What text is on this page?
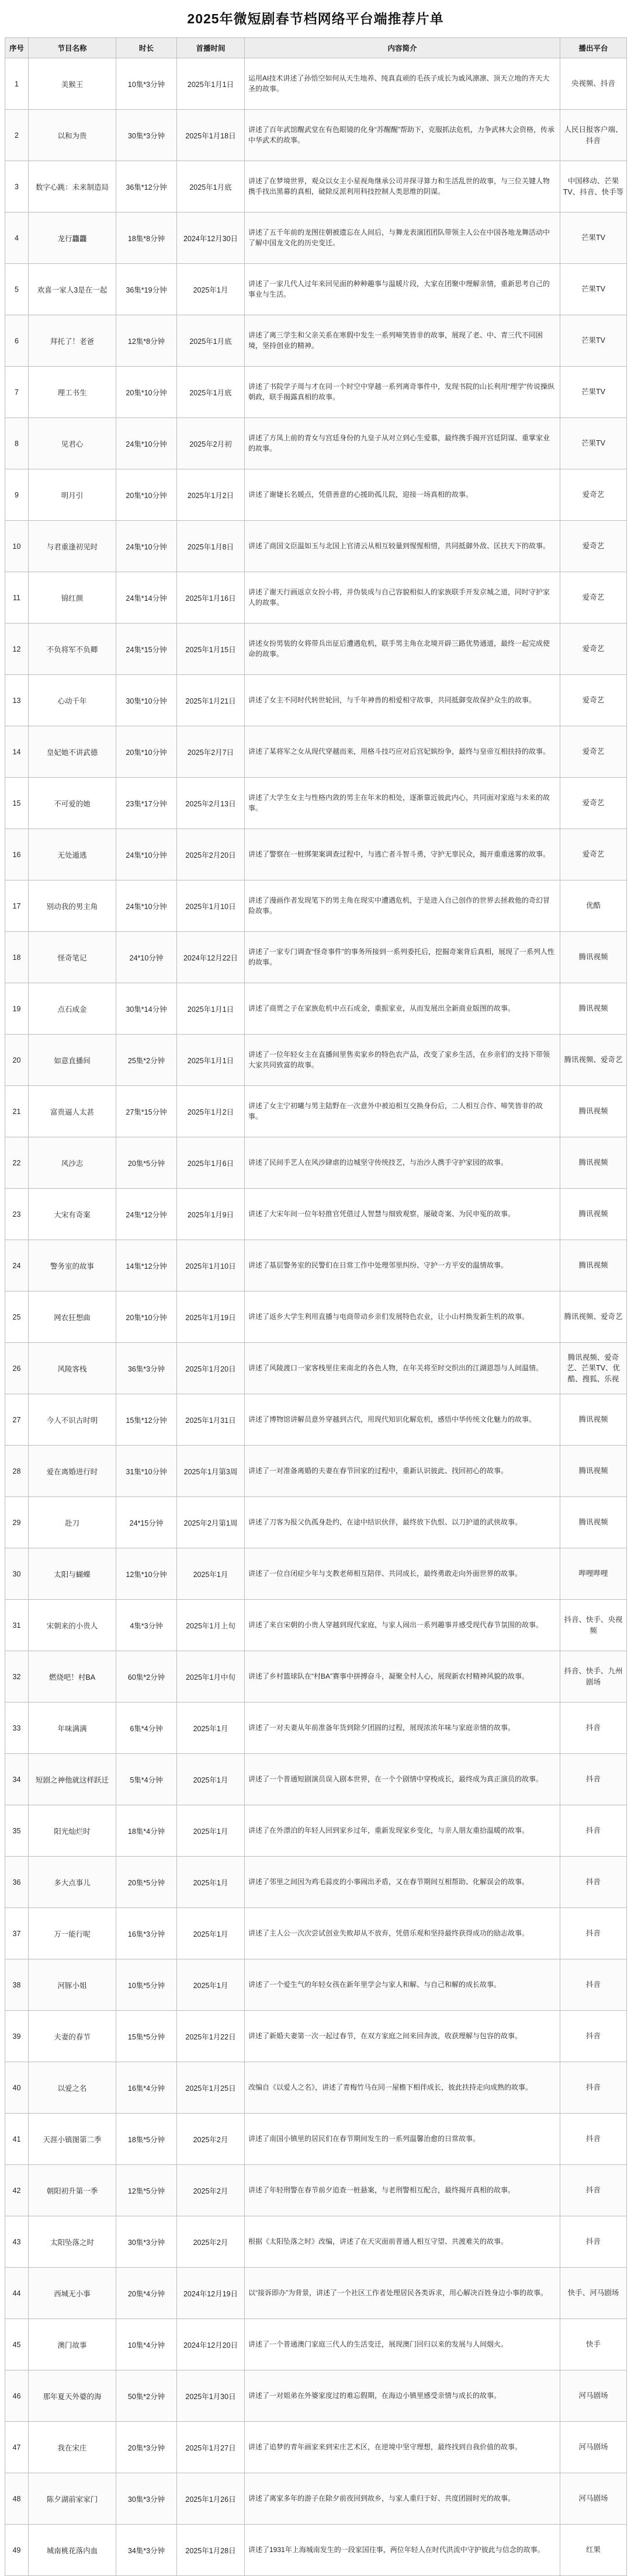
2025年微短剧春节档网络平台端推荐片单
序号	节目名称	时长	首播时间	内容简介	播出平台
1	美猴王	10集*3分钟	2025年1月1日	运用AI技术讲述了孙悟空如何从天生地养、纯真直顽的毛孩子成长为戚风凛凛、顶天立地的齐天大圣的故事。	央视频、抖音
2	以和为贵	30集*3分钟	2025年1月18日	讲述了百年武馆醒武堂在有色眼镜的化身“苏醒醒”帮助下，克服抓法危机，力争武林大会资格，传承中华武术的故事。	人民日报客户端、抖音
3	数字心跳：未来制造局	36集*12分钟	2025年1月底	讲述了在梦境世界，观众以女主小星视角继承公司并探寻算力和生活乱世的故事，与三位关键人物携手找出黑幕的真相，破除反派利用科技控制人类思维的阴谋。	中国移动、芒果TV、抖音、快手等
4	龙行龘龘	18集*8分钟	2024年12月30日	讲述了五千年前的龙图往朝被遗忘在人间后，与舞龙表演团团队带领主人公在中国各地龙舞活动中了解中国龙文化的历史变迁。	芒果TV
5	欢喜一家人3是在一起	36集*19分钟	2025年1月	讲述了一家几代人过年来回见面的种种趣事与温暖片段，大家在团聚中理解亲情，重新思考自己的事业与生活。	芒果TV
6	拜托了！老爸	12集*8分钟	2025年1月底	讲述了离三学生和父亲关系在寒假中发生一系列啼笑皆非的故事，展现了老、中、青三代不同困境，坚持创业的精神。	芒果TV
7	理工书生	20集*10分钟	2025年1月底	讲述了书院学子周与才在同一个时空中穿越一系列离奇事件中，发现书院的山长利用“理学”传说操纵朝政，联手揭露真相的故事。	芒果TV
8	见君心	24集*10分钟	2025年2月初	讲述了方凤上前的青女与宫廷身份的九皇子从对立到心生爱慕，最终携手揭开宫廷阴谋、重掌家业的故事。	芒果TV
9	明月引	20集*10分钟	2025年1月2日	讲述了谢婕长名媛点，凭借善意的心援助孤儿院，迎接一场真相的故事。	爱奇艺
10	与君重逢初见时	24集*10分钟	2025年1月8日	讲述了商国文臣温如玉与北国上官清云从相互较量到惺惺相惜，共同抵御外敌、匡扶天下的故事。	爱奇艺
11	锦红颜	24集*14分钟	2025年1月16日	讲述了谢天行画返京女扮小将，并伪装成与自己容貌相似人的家族联手开发京城之道，同时守护家人的故事。	爱奇艺
12	不负将军不负卿	24集*15分钟	2025年1月15日	讲述女扮男装的女将带兵出征后遭遇危机，联手男主角在北境开辟三路优势通道，最终一起完成使命的故事。	爱奇艺
13	心动千年	30集*10分钟	2025年1月21日	讲述了女主不同时代转世轮回，与千年神兽的相爱相守故事，共同抵御变故保护众生的故事。	爱奇艺
14	皇妃她不讲武德	20集*10分钟	2025年2月7日	讲述了某将军之女从现代穿越而来，用格斗技巧应对后宫妃嫔纷争，最终与皇帝互相扶持的故事。	爱奇艺
15	不可爱的她	23集*17分钟	2025年2月13日	讲述了大学生女主与性格内敛的男主在年末的相处，逐渐靠近彼此内心，共同面对家庭与未来的故事。	爱奇艺
16	无处遁逃	24集*10分钟	2025年2月20日	讲述了警察在一桩绑架案调查过程中，与逃亡者斗智斗勇，守护无辜民众，揭开重重迷雾的故事。	爱奇艺
17	别动我的男主角	24集*10分钟	2025年1月10日	讲述了漫画作者发现笔下的男主角在现实中遭遇危机，于是进入自己创作的世界去拯救他的奇幻冒险故事。	优酷
18	怪奇笔记	24*10分钟	2024年12月22日	讲述了一家专门调查“怪奇事件”的事务所接到一系列委托后，挖掘奇案背后真相，展现了一系列人性的故事。	腾讯视频
19	点石成金	30集*14分钟	2025年1月1日	讲述了商贾之子在家族危机中点石成金，重振家业，从而发展出全新商业版图的故事。	腾讯视频
20	如意直播间	25集*2分钟	2025年1月1日	讲述了一位年轻女主在直播间里售卖家乡的特色农产品，改变了家乡生活，在乡亲们的支持下带领大家共同致富的故事。	腾讯视频、爱奇艺
21	富贵逼人太甚	27集*15分钟	2025年1月2日	讲述了女主宁初曦与男主陆野在一次意外中被迫相互交换身份后，二人相互合作、啼笑皆非的故事。	腾讯视频
22	风沙志	20集*5分钟	2025年1月6日	讲述了民间手艺人在风沙肆虐的边城坚守传统技艺，与治沙人携手守护家园的故事。	腾讯视频
23	大宋有奇案	24集*12分钟	2025年1月9日	讲述了大宋年间一位年轻推官凭借过人智慧与细致观察，屡破奇案、为民申冤的故事。	腾讯视频
24	警务室的故事	14集*12分钟	2025年1月10日	讲述了基层警务室的民警们在日常工作中处理邻里纠纷、守护一方平安的温情故事。	腾讯视频
25	网农狂想曲	20集*10分钟	2025年1月19日	讲述了返乡大学生利用直播与电商带动乡亲们发展特色农业，让小山村焕发新生机的故事。	腾讯视频、爱奇艺
26	风陵客栈	36集*3分钟	2025年1月20日	讲述了风陵渡口一家客栈里往来南北的各色人物，在年关将至时交织出的江湖恩怨与人间温情。	腾讯视频、爱奇艺、芒果TV、优酷、搜狐、乐视
27	今人不识古时明	15集*12分钟	2025年1月31日	讲述了博物馆讲解员意外穿越到古代，用现代知识化解危机，感悟中华传统文化魅力的故事。	腾讯视频
28	爱在离婚进行时	31集*10分钟	2025年1月第3周	讲述了一对准备离婚的夫妻在春节回家的过程中，重新认识彼此、找回初心的故事。	腾讯视频
29	赴刀	24*15分钟	2025年2月第1周	讲述了刀客为报父仇孤身赴约，在途中结识伙伴，最终放下仇恨、以刀护道的武侠故事。	腾讯视频
30	太阳与蝴蝶	12集*10分钟	2025年1月	讲述了一位自闭症少年与支教老师相互陪伴、共同成长，最终勇敢走向外面世界的故事。	哔哩哔哩
31	宋朝来的小贵人	4集*3分钟	2025年1月上旬	讲述了来自宋朝的小贵人穿越到现代家庭，与家人闹出一系列趣事并感受现代春节氛围的故事。	抖音、快手、央视频
32	燃烧吧！村BA	60集*2分钟	2025年1月中旬	讲述了乡村篮球队在“村BA”赛事中拼搏奋斗，凝聚全村人心，展现新农村精神风貌的故事。	抖音、快手、九州剧场
33	年味满满	6集*4分钟	2025年1月	讲述了一对夫妻从年前准备年货到除夕团圆的过程，展现浓浓年味与家庭亲情的故事。	抖音
34	短剧之神他就这样跃迁	5集*4分钟	2025年1月	讲述了一个普通短剧演员误入剧本世界，在一个个剧情中穿梭成长，最终成为真正演员的故事。	抖音
35	阳光灿烂时	18集*4分钟	2025年1月	讲述了在外漂泊的年轻人回到家乡过年，重新发现家乡变化，与亲人朋友重拾温暖的故事。	抖音
36	多大点事儿	20集*5分钟	2025年1月	讲述了邻里之间因为鸡毛蒜皮的小事闹出矛盾，又在春节期间互相帮助、化解误会的故事。	抖音
37	万一能行呢	16集*3分钟	2025年1月	讲述了主人公一次次尝试创业失败却从不放弃，凭借乐观和坚持最终获得成功的励志故事。	抖音
38	河豚小姐	10集*5分钟	2025年1月	讲述了一个爱生气的年轻女孩在新年里学会与家人和解、与自己和解的成长故事。	抖音
39	夫妻的春节	15集*5分钟	2025年1月22日	讲述了新婚夫妻第一次一起过春节，在双方家庭之间来回奔波，收获理解与包容的故事。	抖音
40	以爱之名	16集*4分钟	2025年1月25日	改编自《以爱人之名》，讲述了青梅竹马在同一屋檐下相伴成长，彼此扶持走向成熟的故事。	抖音
41	天涯小镇图第二季	18集*5分钟	2025年2月	讲述了南国小镇里的居民们在春节期间发生的一系列温馨治愈的日常故事。	抖音
42	朝阳初升第一季	12集*5分钟	2025年2月	讲述了年轻刑警在春节前夕追查一桩悬案，与老刑警相互配合，最终揭开真相的故事。	抖音
43	太阳坠落之时	30集*3分钟	2025年2月	根据《太阳坠落之时》改编，讲述了在天灾面前普通人相互守望、共渡难关的故事。	抖音
44	西城无小事	20集*4分钟	2024年12月19日	以“接诉即办”为背景，讲述了一个社区工作者处理居民各类诉求，用心解决百姓身边小事的故事。	快手、河马剧场
45	澳门故事	10集*4分钟	2024年12月20日	讲述了一个普通澳门家庭三代人的生活变迁，展现澳门回归以来的发展与人间烟火。	快手
46	那年夏天外婆的海	50集*2分钟	2025年1月30日	讲述了一对姐弟在外婆家度过的难忘假期，在海边小镇里感受亲情与成长的故事。	河马剧场
47	我在宋庄	20集*3分钟	2025年1月27日	讲述了追梦的青年画家来到宋庄艺术区，在逆境中坚守理想，最终找到自我价值的故事。	河马剧场
48	陈夕湖前家家门	30集*3分钟	2025年1月26日	讲述了离家多年的游子在除夕前夜回到故乡，与家人重归于好、共度团圆时光的故事。	河马剧场
49	城南桃花落内血	34集*3分钟	2025年1月28日	讲述了1931年上海城南发生的一段家国往事，两位年轻人在时代洪流中守护彼此与信念的故事。	红果
